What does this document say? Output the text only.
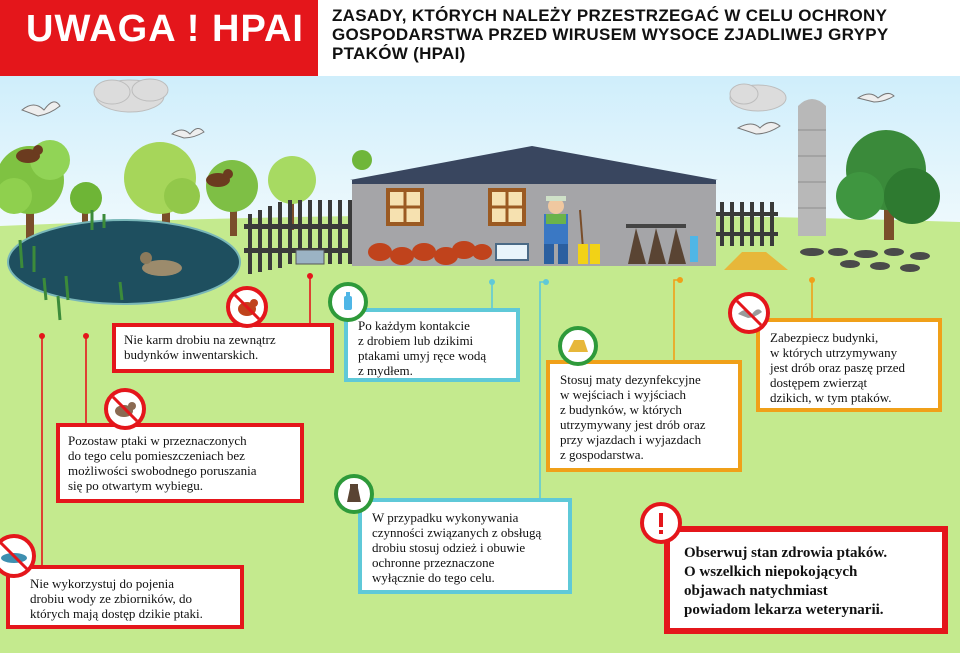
UWAGA ! HPAI ZASADY, KTÓRYCH NALEŻY PRZESTRZEGAĆ W CELU OCHRONY GOSPODARSTWA PRZED WIRUSEM WYSOCE ZJADLIWEJ GRYPY PTAKÓW (HPAI)

Nie karm drobiu na zewnątrz
budynków inwentarskich.

Pozostaw ptaki w przeznaczonych
do tego celu pomieszczeniach bez
możliwości swobodnego poruszania
się po otwartym wybiegu.

Nie wykorzystuj do pojenia
drobiu wody ze zbiorników, do
których mają dostęp dzikie ptaki.

Po każdym kontakcie
z drobiem lub dzikimi
ptakami umyj ręce wodą
z mydłem.

W przypadku wykonywania
czynności związanych z obsługą
drobiu stosuj odzież i obuwie
ochronne przeznaczone
wyłącznie do tego celu.

Stosuj maty dezynfekcyjne
w wejściach i wyjściach
z budynków, w których
utrzymywany jest drób oraz
przy wjazdach i wyjazdach
z gospodarstwa.

Zabezpiecz budynki,
w których utrzymywany
jest drób oraz paszę przed
dostępem zwierząt
dzikich, w tym ptaków.

Obserwuj stan zdrowia ptaków.
O wszelkich niepokojących
objawach natychmiast
powiadom lekarza weterynarii.
